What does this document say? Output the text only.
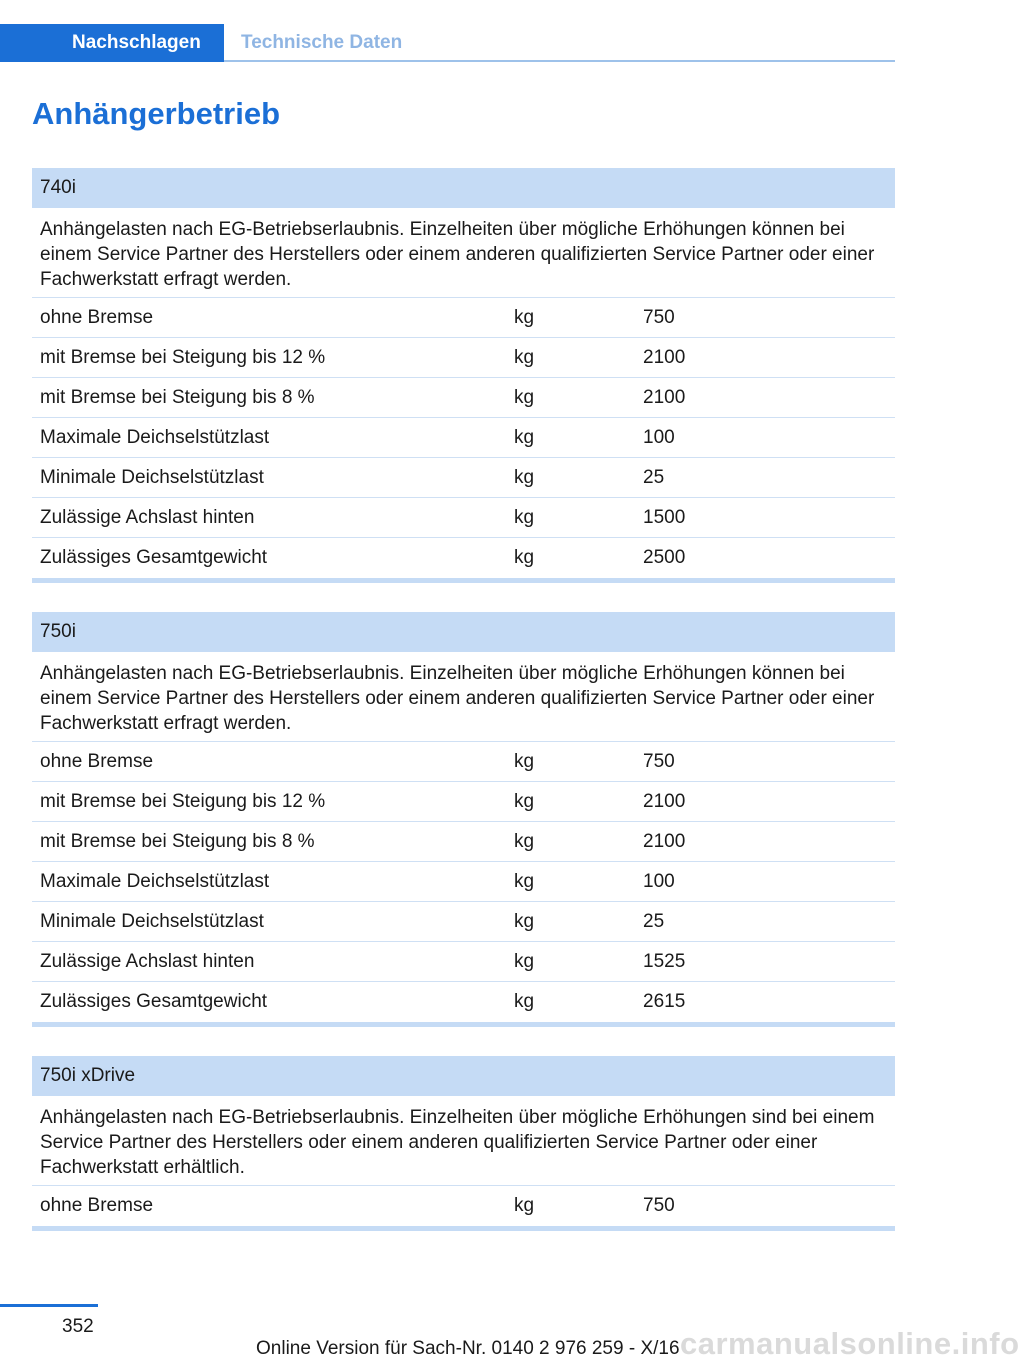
Nachschlagen	Technische Daten
Anhängerbetrieb
740i
Anhängelasten nach EG-Betriebserlaubnis. Einzelheiten über mögliche Erhöhungen können bei einem Service Partner des Herstellers oder einem anderen qualifizierten Service Partner oder einer Fachwerkstatt erfragt werden.
ohne Bremse	kg	750
mit Bremse bei Steigung bis 12 %	kg	2100
mit Bremse bei Steigung bis 8 %	kg	2100
Maximale Deichselstützlast	kg	100
Minimale Deichselstützlast	kg	25
Zulässige Achslast hinten	kg	1500
Zulässiges Gesamtgewicht	kg	2500
750i
Anhängelasten nach EG-Betriebserlaubnis. Einzelheiten über mögliche Erhöhungen können bei einem Service Partner des Herstellers oder einem anderen qualifizierten Service Partner oder einer Fachwerkstatt erfragt werden.
ohne Bremse	kg	750
mit Bremse bei Steigung bis 12 %	kg	2100
mit Bremse bei Steigung bis 8 %	kg	2100
Maximale Deichselstützlast	kg	100
Minimale Deichselstützlast	kg	25
Zulässige Achslast hinten	kg	1525
Zulässiges Gesamtgewicht	kg	2615
750i xDrive
Anhängelasten nach EG-Betriebserlaubnis. Einzelheiten über mögliche Erhöhungen sind bei einem Service Partner des Herstellers oder einem anderen qualifizierten Service Partner oder einer Fachwerkstatt erhältlich.
ohne Bremse	kg	750
352
Online Version für Sach-Nr. 0140 2 976 259 - X/16 carmanualsonline.info
